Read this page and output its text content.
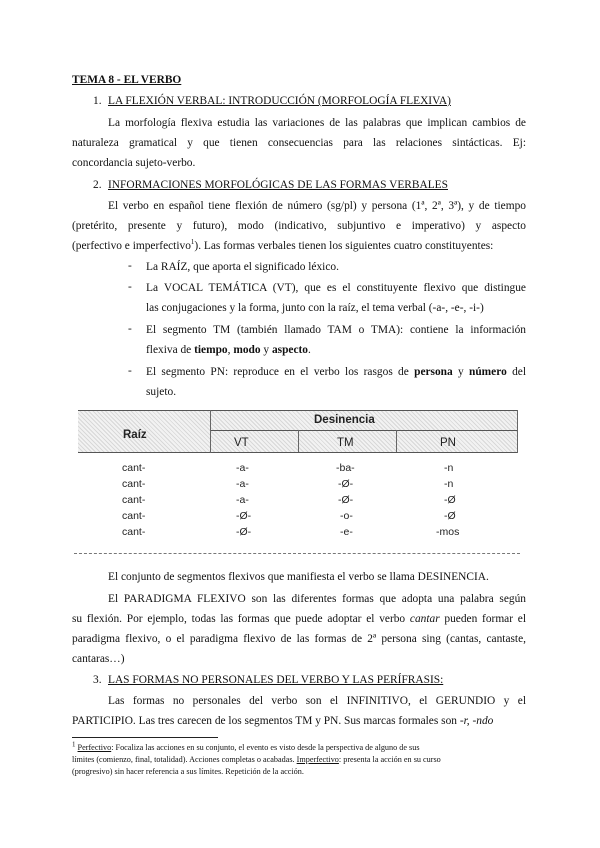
TEMA 8 - EL VERBO
1. LA FLEXIÓN VERBAL: INTRODUCCIÓN (MORFOLOGÍA FLEXIVA)
La morfología flexiva estudia las variaciones de las palabras que implican cambios de
naturaleza gramatical y que tienen consecuencias para las relaciones sintácticas. Ej:
concordancia sujeto-verbo.
2. INFORMACIONES MORFOLÓGICAS DE LAS FORMAS VERBALES
El verbo en español tiene flexión de número (sg/pl) y persona (1ª, 2ª, 3ª), y de tiempo
(pretérito, presente y futuro), modo (indicativo, subjuntivo e imperativo) y aspecto
(perfectivo e imperfectivo$^1$). Las formas verbales tienen los siguientes cuatro constituyentes:
- La RAÍZ, que aporta el significado léxico.
- La VOCAL TEMÁTICA (VT), que es el constituyente flexivo que distingue
las conjugaciones y la forma, junto con la raíz, el tema verbal (-a-, -e-, -i-)
- El segmento TM (también llamado TAM o TMA): contiene la información
flexiva de tiempo, modo y aspecto.
- El segmento PN: reproduce en el verbo los rasgos de persona y número del
sujeto.
Raíz
Desinencia
VT	TM	PN
cant-	-a-	-ba-	-n
cant-	-a-	-Ø-	-n
cant-	-a-	-Ø-	-Ø
cant-	-Ø-	-o-	-Ø
cant-	-Ø-	-e-	-mos
El conjunto de segmentos flexivos que manifiesta el verbo se llama DESINENCIA.
El PARADIGMA FLEXIVO son las diferentes formas que adopta una palabra según
su flexión. Por ejemplo, todas las formas que puede adoptar el verbo cantar pueden formar el
paradigma flexivo, o el paradigma flexivo de las formas de 2ª persona sing (cantas, cantaste,
cantaras…)
3. LAS FORMAS NO PERSONALES DEL VERBO Y LAS PERÍFRASIS:
Las formas no personales del verbo son el INFINITIVO, el GERUNDIO y el
PARTICIPIO. Las tres carecen de los segmentos TM y PN. Sus marcas formales son -r, -ndo
$^1$ Perfectivo: Focaliza las acciones en su conjunto, el evento es visto desde la perspectiva de alguno de sus
límites (comienzo, final, totalidad). Acciones completas o acabadas. Imperfectivo: presenta la acción en su curso
(progresivo) sin hacer referencia a sus límites. Repetición de la acción.
